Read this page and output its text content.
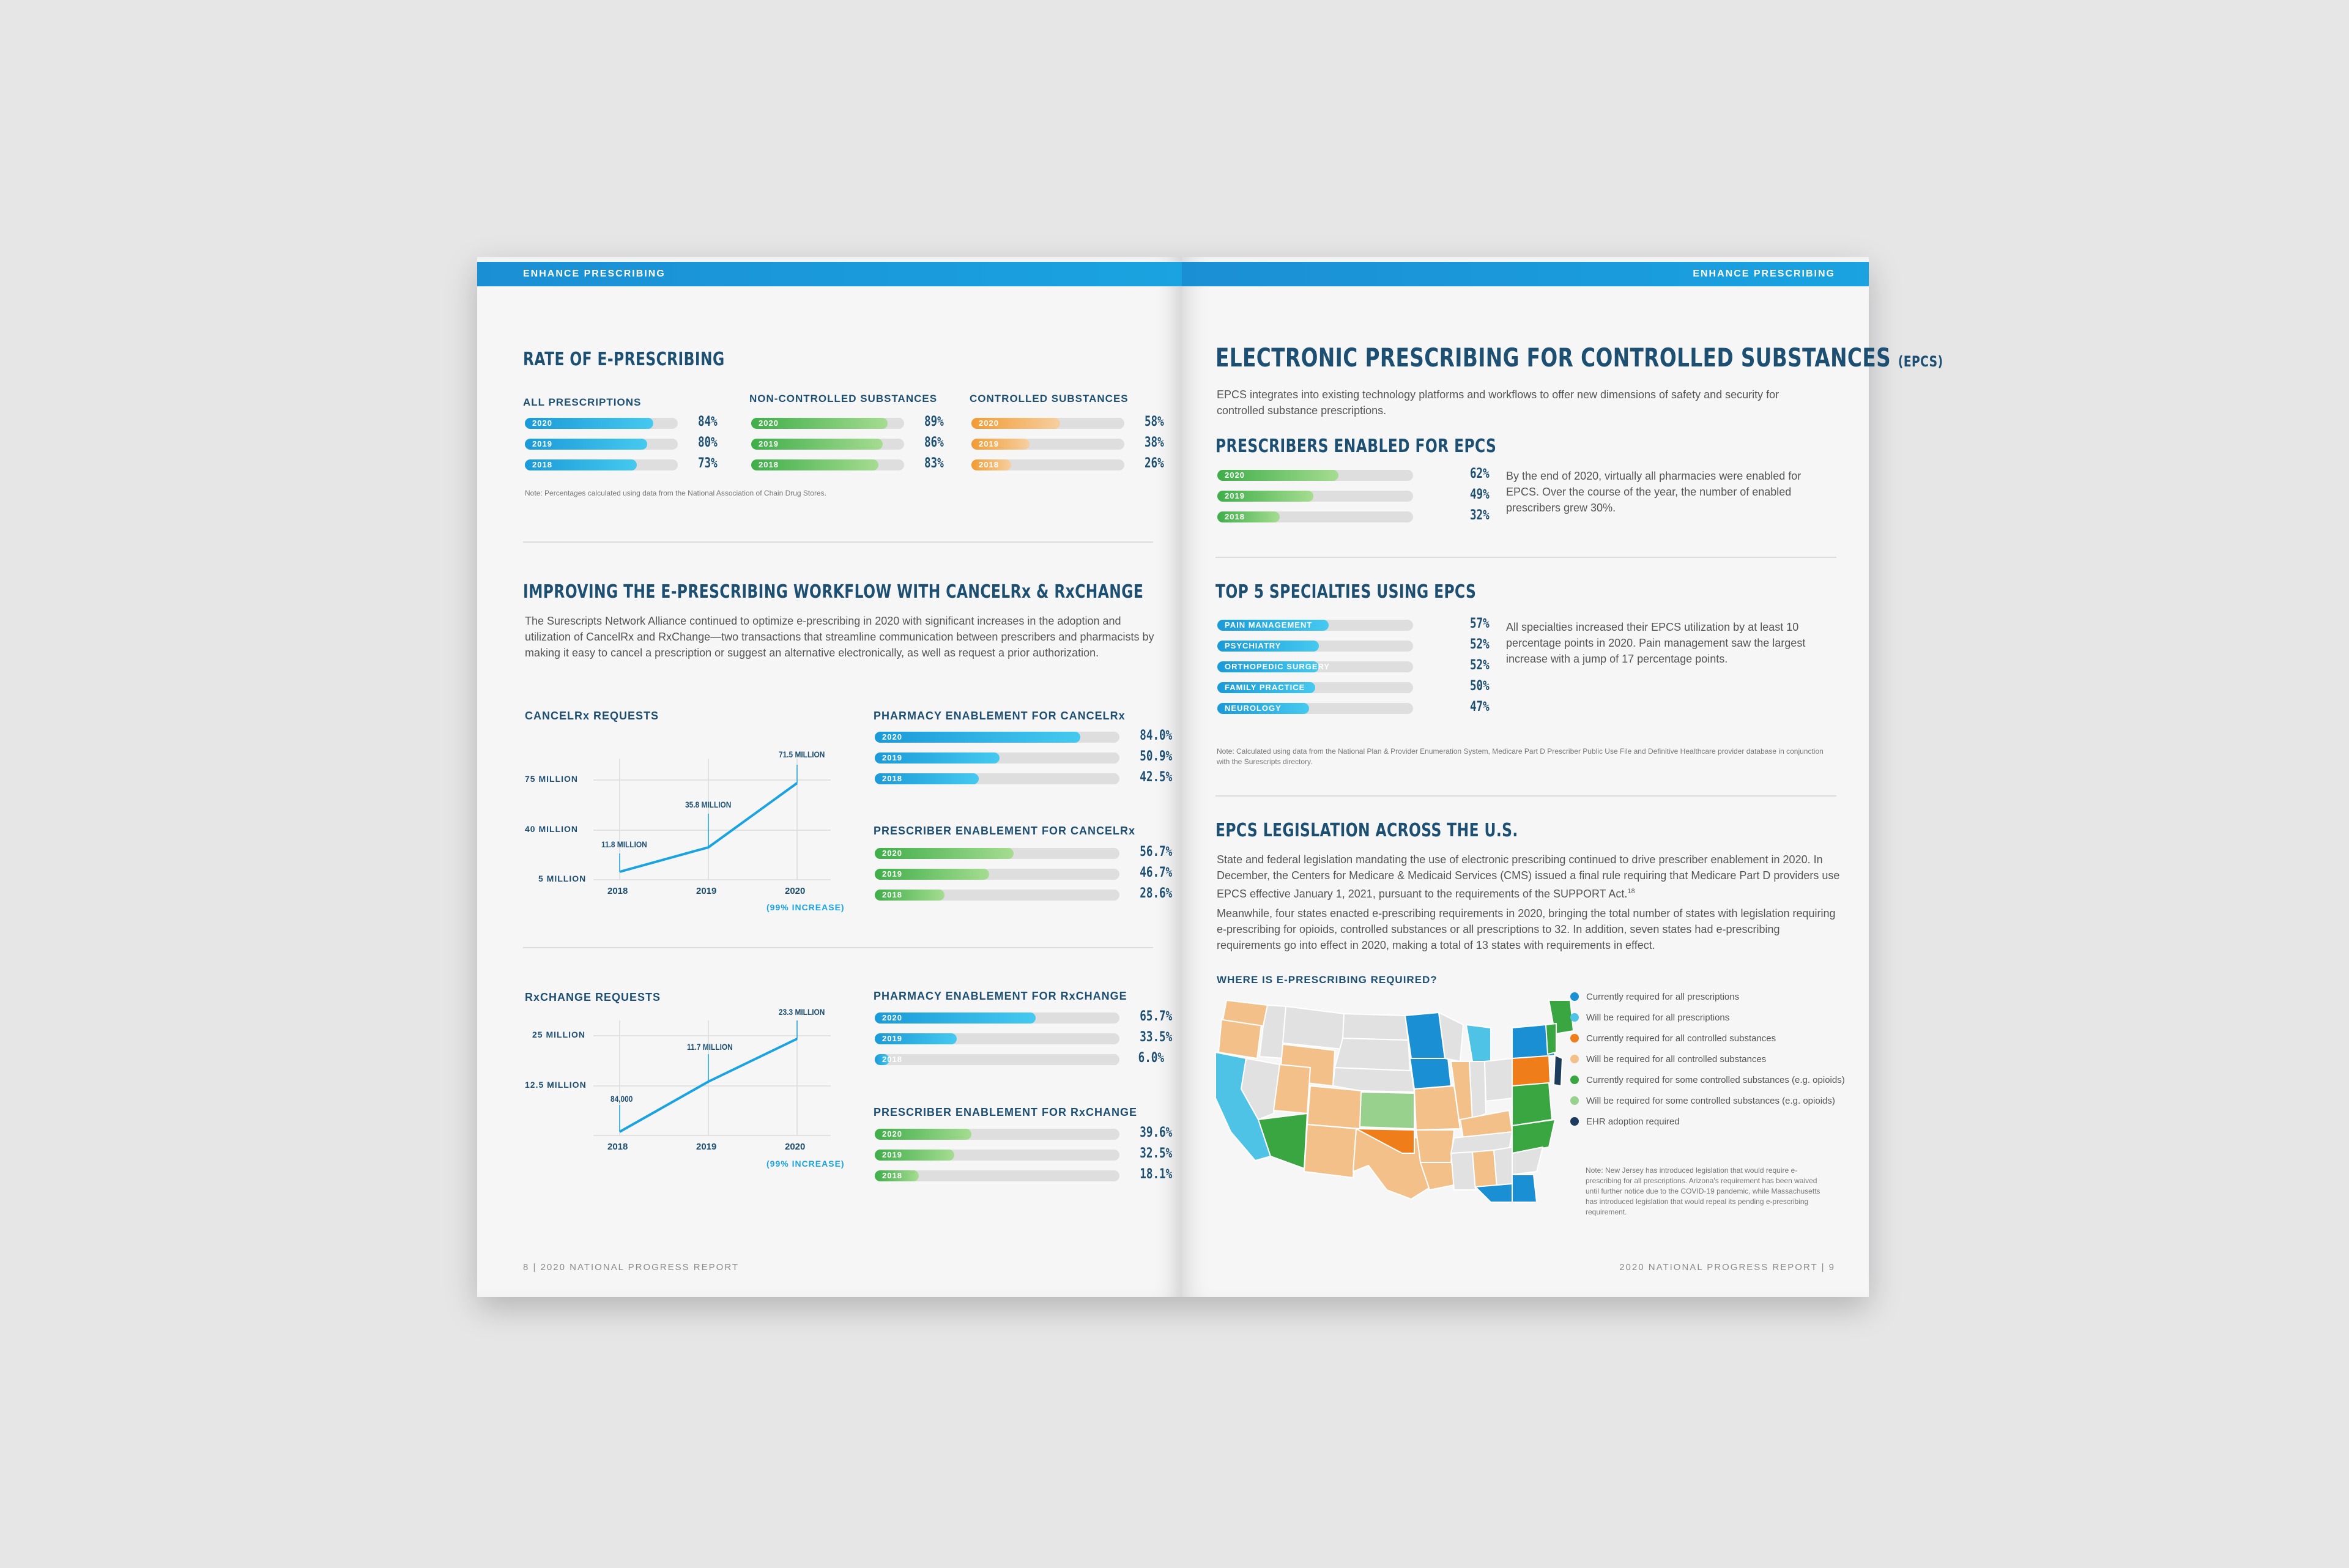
ENHANCE PRESCRIBING
RATE OF E-PRESCRIBING
ALL PRESCRIPTIONS
2020	84%
2019	80%
2018	73%
NON-CONTROLLED SUBSTANCES
2020	89%
2019	86%
2018	83%
CONTROLLED SUBSTANCES
2020	58%
2019	38%
2018	26%
Note: Percentages calculated using data from the National Association of Chain Drug Stores.
IMPROVING THE E-PRESCRIBING WORKFLOW WITH CANCELRx & RxCHANGE
The Surescripts Network Alliance continued to optimize e-prescribing in 2020 with significant increases in the adoption and utilization of CancelRx and RxChange—two transactions that streamline communication between prescribers and pharmacists by making it easy to cancel a prescription or suggest an alternative electronically, as well as request a prior authorization.
CANCELRx REQUESTS
75 MILLION
40 MILLION
5 MILLION
11.8 MILLION
35.8 MILLION
71.5 MILLION
2018	2019	2020
(99% INCREASE)
PHARMACY ENABLEMENT FOR CANCELRx
2020	84.0%
2019	50.9%
2018	42.5%
PRESCRIBER ENABLEMENT FOR CANCELRx
2020	56.7%
2019	46.7%
2018	28.6%
RxCHANGE REQUESTS
25 MILLION
12.5 MILLION
84,000
11.7 MILLION
23.3 MILLION
2018	2019	2020
(99% INCREASE)
PHARMACY ENABLEMENT FOR RxCHANGE
2020	65.7%
2019	33.5%
2018	6.0%
PRESCRIBER ENABLEMENT FOR RxCHANGE
2020	39.6%
2019	32.5%
2018	18.1%
8 | 2020 NATIONAL PROGRESS REPORT
ENHANCE PRESCRIBING
ELECTRONIC PRESCRIBING FOR CONTROLLED SUBSTANCES (EPCS)
EPCS integrates into existing technology platforms and workflows to offer new dimensions of safety and security for controlled substance prescriptions.
PRESCRIBERS ENABLED FOR EPCS
2020	62%
2019	49%
2018	32%
By the end of 2020, virtually all pharmacies were enabled for EPCS. Over the course of the year, the number of enabled prescribers grew 30%.
TOP 5 SPECIALTIES USING EPCS
PAIN MANAGEMENT	57%
PSYCHIATRY	52%
ORTHOPEDIC SURGERY	52%
FAMILY PRACTICE	50%
NEUROLOGY	47%
All specialties increased their EPCS utilization by at least 10 percentage points in 2020. Pain management saw the largest increase with a jump of 17 percentage points.
Note: Calculated using data from the National Plan & Provider Enumeration System, Medicare Part D Prescriber Public Use File and Definitive Healthcare provider database in conjunction with the Surescripts directory.
EPCS LEGISLATION ACROSS THE U.S.
State and federal legislation mandating the use of electronic prescribing continued to drive prescriber enablement in 2020. In December, the Centers for Medicare & Medicaid Services (CMS) issued a final rule requiring that Medicare Part D providers use EPCS effective January 1, 2021, pursuant to the requirements of the SUPPORT Act.$^{18}$
Meanwhile, four states enacted e-prescribing requirements in 2020, bringing the total number of states with legislation requiring e-prescribing for opioids, controlled substances or all prescriptions to 32. In addition, seven states had e-prescribing requirements go into effect in 2020, making a total of 13 states with requirements in effect.
WHERE IS E-PRESCRIBING REQUIRED?
Currently required for all prescriptions
Will be required for all prescriptions
Currently required for all controlled substances
Will be required for all controlled substances
Currently required for some controlled substances (e.g. opioids)
Will be required for some controlled substances (e.g. opioids)
EHR adoption required
Note: New Jersey has introduced legislation that would require e-prescribing for all prescriptions. Arizona's requirement has been waived until further notice due to the COVID-19 pandemic, while Massachusetts has introduced legislation that would repeal its pending e-prescribing requirement.
2020 NATIONAL PROGRESS REPORT | 9
